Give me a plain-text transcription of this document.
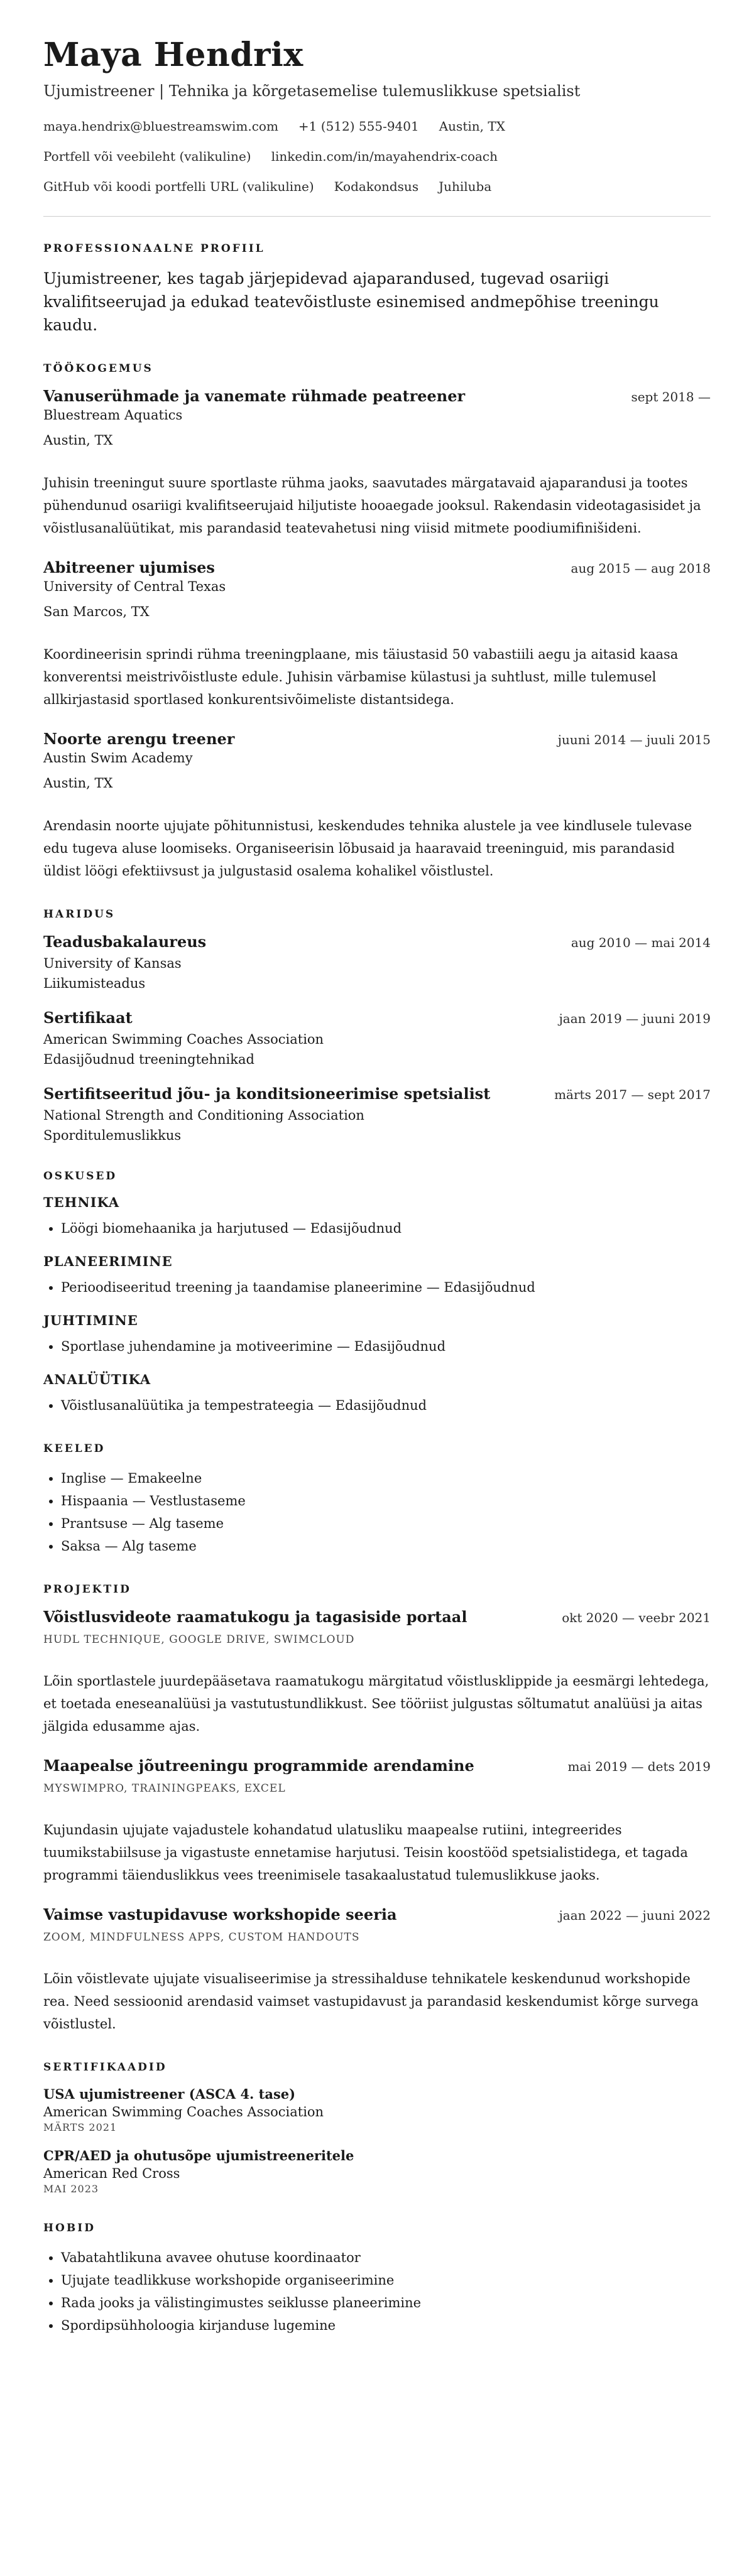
Maya Hendrix
Ujumistreener | Tehnika ja kõrgetasemelise tulemuslikkuse spetsialist
maya.hendrix@bluestreamswim.com +1 (512) 555-9401 Austin, TX
Portfell või veebileht (valikuline) linkedin.com/in/mayahendrix-coach
GitHub või koodi portfelli URL (valikuline) Kodakondsus Juhiluba
PROFESSIONAALNE PROFIIL

Ujumistreener, kes tagab järjepidevad ajaparandused, tugevad osariigi kvalifitseerujad ja edukad teatevõistluste esinemised andmepõhise treeningu kaudu.

TÖÖKOGEMUS
Vanuserühmade ja vanemate rühmade peatreener	sept 2018 —
Bluestream Aquatics
Austin, TX

Juhisin treeningut suure sportlaste rühma jaoks, saavutades märgatavaid ajaparandusi ja tootes pühendunud osariigi kvalifitseerujaid hiljutiste hooaegade jooksul. Rakendasin videotagasisidet ja võistlusanalüütikat, mis parandasid teatevahetusi ning viisid mitmete poodiumifinišideni.

Abitreener ujumises	aug 2015 — aug 2018
University of Central Texas
San Marcos, TX

Koordineerisin sprindi rühma treeningplaane, mis täiustasid 50 vabastiili aegu ja aitasid kaasa konverentsi meistrivõistluste edule. Juhisin värbamise külastusi ja suhtlust, mille tulemusel allkirjastasid sportlased konkurentsivõimeliste distantsidega.

Noorte arengu treener	juuni 2014 — juuli 2015
Austin Swim Academy
Austin, TX

Arendasin noorte ujujate põhitunnistusi, keskendudes tehnika alustele ja vee kindlusele tulevase edu tugeva aluse loomiseks. Organiseerisin lõbusaid ja haaravaid treeninguid, mis parandasid üldist löögi efektiivsust ja julgustasid osalema kohalikel võistlustel.

HARIDUS
Teadusbakalaureus	aug 2010 — mai 2014
University of Kansas
Liikumisteadus
Sertifikaat	jaan 2019 — juuni 2019
American Swimming Coaches Association
Edasijõudnud treeningtehnikad
Sertifitseeritud jõu- ja konditsioneerimise spetsialist	märts 2017 — sept 2017
National Strength and Conditioning Association
Sporditulemuslikkus
OSKUSED
TEHNIKA
• Löögi biomehaanika ja harjutused — Edasijõudnud
PLANEERIMINE
• Perioodiseeritud treening ja taandamise planeerimine — Edasijõudnud
JUHTIMINE
• Sportlase juhendamine ja motiveerimine — Edasijõudnud
ANALÜÜTIKA
• Võistlusanalüütika ja tempestrateegia — Edasijõudnud
KEELED
• Inglise — Emakeelne
• Hispaania — Vestlustaseme
• Prantsuse — Alg taseme
• Saksa — Alg taseme
PROJEKTID
Võistlusvideote raamatukogu ja tagasiside portaal	okt 2020 — veebr 2021
HUDL TECHNIQUE, GOOGLE DRIVE, SWIMCLOUD

Lõin sportlastele juurdepääsetava raamatukogu märgitatud võistlusklippide ja eesmärgi lehtedega, et toetada eneseanalüüsi ja vastutustundlikkust. See tööriist julgustas sõltumatut analüüsi ja aitas jälgida edusamme ajas.

Maapealse jõutreeningu programmide arendamine	mai 2019 — dets 2019
MYSWIMPRO, TRAININGPEAKS, EXCEL

Kujundasin ujujate vajadustele kohandatud ulatusliku maapealse rutiini, integreerides tuumikstabiilsuse ja vigastuste ennetamise harjutusi. Teisin koostööd spetsialistidega, et tagada programmi täienduslikkus vees treenimisele tasakaalustatud tulemuslikkuse jaoks.

Vaimse vastupidavuse workshopide seeria	jaan 2022 — juuni 2022
ZOOM, MINDFULNESS APPS, CUSTOM HANDOUTS

Lõin võistlevate ujujate visualiseerimise ja stressihalduse tehnikatele keskendunud workshopide rea. Need sessioonid arendasid vaimset vastupidavust ja parandasid keskendumist kõrge survega võistlustel.

SERTIFIKAADID
USA ujumistreener (ASCA 4. tase)
American Swimming Coaches Association
MÄRTS 2021
CPR/AED ja ohutusõpe ujumistreeneritele
American Red Cross
MAI 2023
HOBID
• Vabatahtlikuna avavee ohutuse koordinaator
• Ujujate teadlikkuse workshopide organiseerimine
• Rada jooks ja välistingimustes seiklusse planeerimine
• Spordipsühholoogia kirjanduse lugemine
